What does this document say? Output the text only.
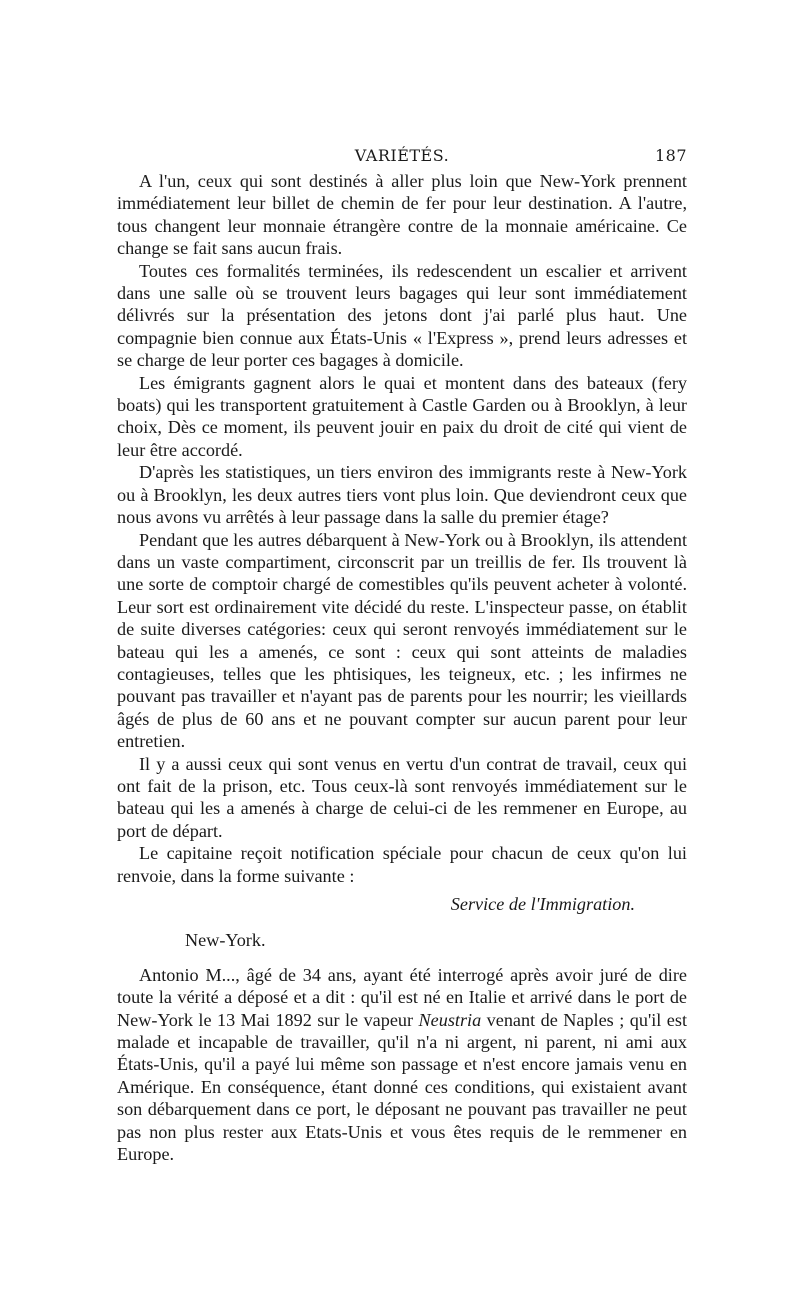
VARIÉTÉS.	187

A l'un, ceux qui sont destinés à aller plus loin que New-York prennent immédiatement leur billet de chemin de fer pour leur destination. A l'autre, tous changent leur monnaie étrangère contre de la monnaie américaine. Ce change se fait sans aucun frais.

Toutes ces formalités terminées, ils redescendent un escalier et arrivent dans une salle où se trouvent leurs bagages qui leur sont immédiatement délivrés sur la présentation des jetons dont j'ai parlé plus haut. Une compagnie bien connue aux États-Unis « l'Express », prend leurs adresses et se charge de leur porter ces bagages à domicile.

Les émigrants gagnent alors le quai et montent dans des bateaux (fery boats) qui les transportent gratuitement à Castle Garden ou à Brooklyn, à leur choix, Dès ce moment, ils peuvent jouir en paix du droit de cité qui vient de leur être accordé.

D'après les statistiques, un tiers environ des immigrants reste à New-York ou à Brooklyn, les deux autres tiers vont plus loin. Que deviendront ceux que nous avons vu arrêtés à leur passage dans la salle du premier étage?

Pendant que les autres débarquent à New-York ou à Brooklyn, ils attendent dans un vaste compartiment, circonscrit par un treillis de fer. Ils trouvent là une sorte de comptoir chargé de comestibles qu'ils peuvent acheter à volonté. Leur sort est ordinairement vite décidé du reste. L'inspecteur passe, on établit de suite diverses catégories: ceux qui seront renvoyés immédiatement sur le bateau qui les a amenés, ce sont : ceux qui sont atteints de maladies contagieuses, telles que les phtisiques, les teigneux, etc. ; les infirmes ne pouvant pas travailler et n'ayant pas de parents pour les nourrir; les vieillards âgés de plus de 60 ans et ne pouvant compter sur aucun parent pour leur entretien.

Il y a aussi ceux qui sont venus en vertu d'un contrat de travail, ceux qui ont fait de la prison, etc. Tous ceux-là sont renvoyés immédiatement sur le bateau qui les a amenés à charge de celui-ci de les remmener en Europe, au port de départ.

Le capitaine reçoit notification spéciale pour chacun de ceux qu'on lui renvoie, dans la forme suivante :

Service de l'Immigration.
New-York.

Antonio M..., âgé de 34 ans, ayant été interrogé après avoir juré de dire toute la vérité a déposé et a dit : qu'il est né en Italie et arrivé dans le port de New-York le 13 Mai 1892 sur le vapeur Neustria venant de Naples ; qu'il est malade et incapable de travailler, qu'il n'a ni argent, ni parent, ni ami aux États-Unis, qu'il a payé lui même son passage et n'est encore jamais venu en Amérique. En conséquence, étant donné ces conditions, qui existaient avant son débarquement dans ce port, le déposant ne pouvant pas travailler ne peut pas non plus rester aux Etats-Unis et vous êtes requis de le remmener en Europe.
